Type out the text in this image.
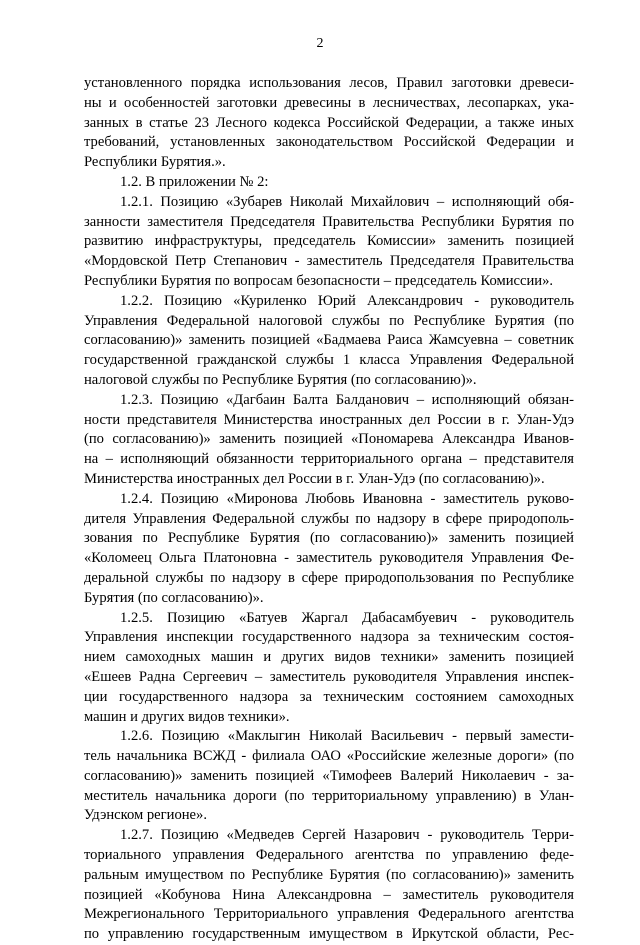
2
установленного порядка использования лесов, Правил заготовки древеси-
ны и особенностей заготовки древесины в лесничествах, лесопарках, ука-
занных в статье 23 Лесного кодекса Российской Федерации, а также иных
требований, установленных законодательством Российской Федерации и
Республики Бурятия.».
1.2. В приложении № 2:
1.2.1. Позицию «Зубарев Николай Михайлович – исполняющий обя-
занности заместителя Председателя Правительства Республики Бурятия по
развитию инфраструктуры, председатель Комиссии» заменить позицией
«Мордовской Петр Степанович - заместитель Председателя Правительства
Республики Бурятия по вопросам безопасности – председатель Комиссии».
1.2.2. Позицию «Куриленко Юрий Александрович - руководитель
Управления Федеральной налоговой службы по Республике Бурятия (по
согласованию)» заменить позицией «Бадмаева Раиса Жамсуевна – советник
государственной гражданской службы 1 класса Управления Федеральной
налоговой службы по Республике Бурятия (по согласованию)».
1.2.3. Позицию «Дагбаин Балта Балданович – исполняющий обязан-
ности представителя Министерства иностранных дел России в г. Улан-Удэ
(по согласованию)» заменить позицией «Пономарева Александра Иванов-
на – исполняющий обязанности территориального органа – представителя
Министерства иностранных дел России в г. Улан-Удэ (по согласованию)».
1.2.4. Позицию «Миронова Любовь Ивановна - заместитель руково-
дителя Управления Федеральной службы по надзору в сфере природополь-
зования по Республике Бурятия (по согласованию)» заменить позицией
«Коломеец Ольга Платоновна - заместитель руководителя Управления Фе-
деральной службы по надзору в сфере природопользования по Республике
Бурятия (по согласованию)».
1.2.5. Позицию «Батуев Жаргал Дабасамбуевич - руководитель
Управления инспекции государственного надзора за техническим состоя-
нием самоходных машин и других видов техники» заменить позицией
«Ешеев Радна Сергеевич – заместитель руководителя Управления инспек-
ции государственного надзора за техническим состоянием самоходных
машин и других видов техники».
1.2.6. Позицию «Маклыгин Николай Васильевич - первый замести-
тель начальника ВСЖД - филиала ОАО «Российские железные дороги» (по
согласованию)» заменить позицией «Тимофеев Валерий Николаевич - за-
меститель начальника дороги (по территориальному управлению) в Улан-
Удэнском регионе».
1.2.7. Позицию «Медведев Сергей Назарович - руководитель Терри-
ториального управления Федерального агентства по управлению феде-
ральным имуществом по Республике Бурятия (по согласованию)» заменить
позицией «Кобунова Нина Александровна – заместитель руководителя
Межрегионального Территориального управления Федерального агентства
по управлению государственным имуществом в Иркутской области, Рес-
